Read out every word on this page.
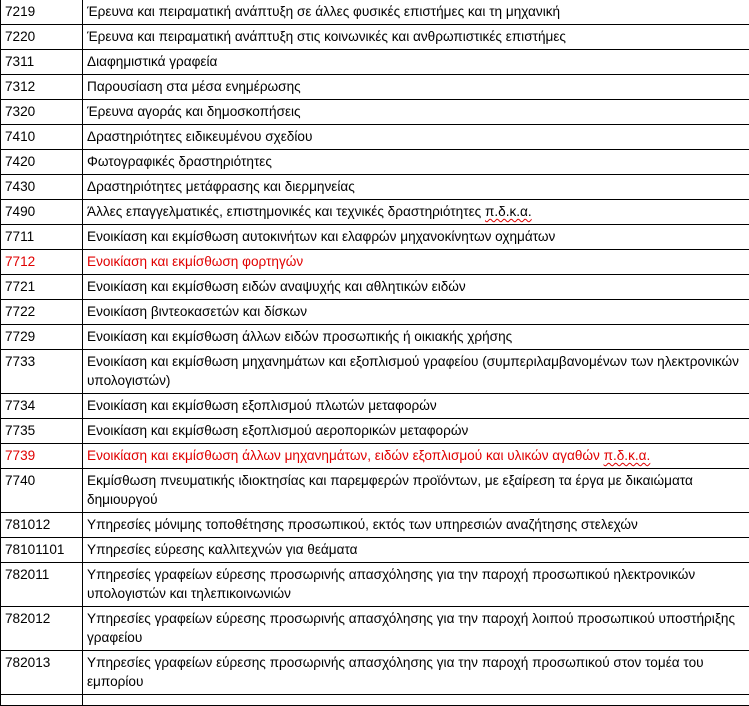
7219	Έρευνα και πειραματική ανάπτυξη σε άλλες φυσικές επιστήμες και τη μηχανική
7220	Έρευνα και πειραματική ανάπτυξη στις κοινωνικές και ανθρωπιστικές επιστήμες
7311	Διαφημιστικά γραφεία
7312	Παρουσίαση στα μέσα ενημέρωσης
7320	Έρευνα αγοράς και δημοσκοπήσεις
7410	Δραστηριότητες ειδικευμένου σχεδίου
7420	Φωτογραφικές δραστηριότητες
7430	Δραστηριότητες μετάφρασης και διερμηνείας
7490	Άλλες επαγγελματικές, επιστημονικές και τεχνικές δραστηριότητες π.δ.κ.α.
7711	Ενοικίαση και εκμίσθωση αυτοκινήτων και ελαφρών μηχανοκίνητων οχημάτων
7712	Ενοικίαση και εκμίσθωση φορτηγών
7721	Ενοικίαση και εκμίσθωση ειδών αναψυχής και αθλητικών ειδών
7722	Ενοικίαση βιντεοκασετών και δίσκων
7729	Ενοικίαση και εκμίσθωση άλλων ειδών προσωπικής ή οικιακής χρήσης
7733	Ενοικίαση και εκμίσθωση μηχανημάτων και εξοπλισμού γραφείου (συμπεριλαμβανομένων των ηλεκτρονικών υπολογιστών)
7734	Ενοικίαση και εκμίσθωση εξοπλισμού πλωτών μεταφορών
7735	Ενοικίαση και εκμίσθωση εξοπλισμού αεροπορικών μεταφορών
7739	Ενοικίαση και εκμίσθωση άλλων μηχανημάτων, ειδών εξοπλισμού και υλικών αγαθών π.δ.κ.α.
7740	Εκμίσθωση πνευματικής ιδιοκτησίας και παρεμφερών προϊόντων, με εξαίρεση τα έργα με δικαιώματα δημιουργού
781012	Υπηρεσίες μόνιμης τοποθέτησης προσωπικού, εκτός των υπηρεσιών αναζήτησης στελεχών
78101101	Υπηρεσίες εύρεσης καλλιτεχνών για θεάματα
782011	Υπηρεσίες γραφείων εύρεσης προσωρινής απασχόλησης για την παροχή προσωπικού ηλεκτρονικών υπολογιστών και τηλεπικοινωνιών
782012	Υπηρεσίες γραφείων εύρεσης προσωρινής απασχόλησης για την παροχή λοιπού προσωπικού υποστήριξης γραφείου
782013	Υπηρεσίες γραφείων εύρεσης προσωρινής απασχόλησης για την παροχή προσωπικού στον τομέα του εμπορίου
